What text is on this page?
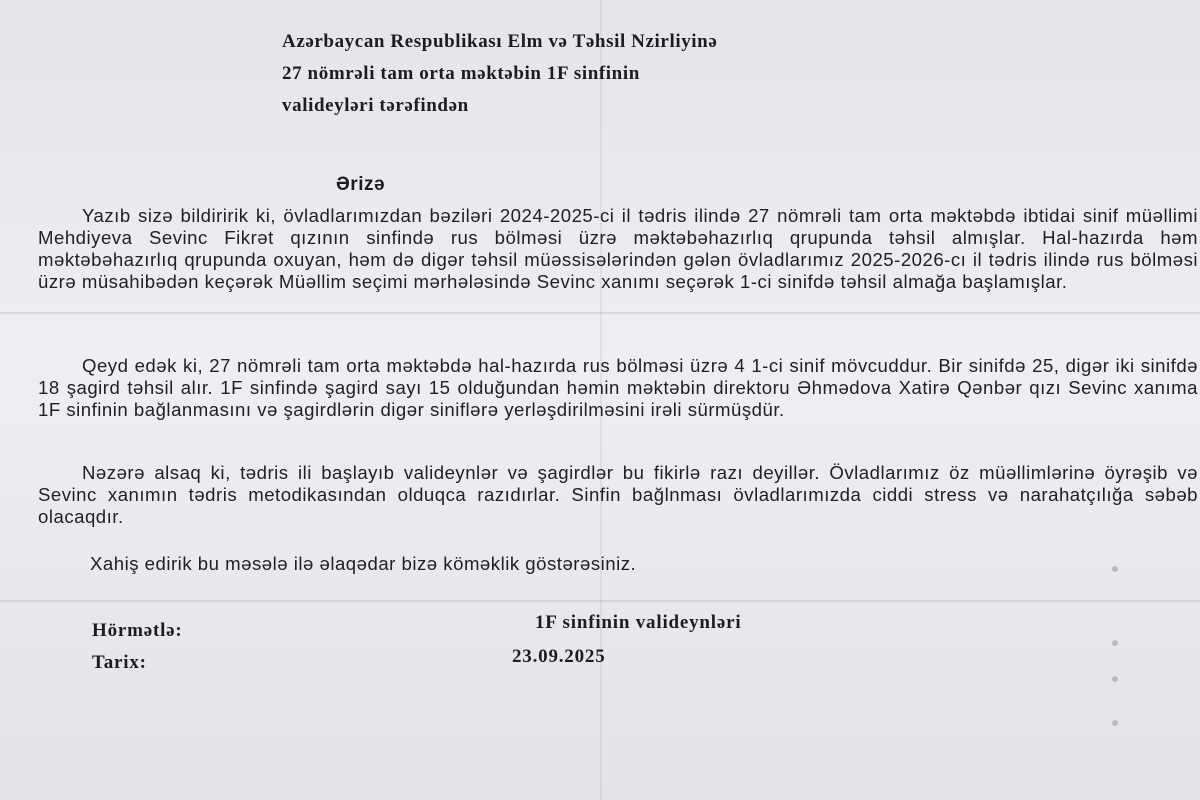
Azərbaycan Respublikası Elm və Təhsil Nzirliyinə
27 nömrəli tam orta məktəbin 1F sinfinin
valideyləri tərəfindən
Ərizə
Yazıb sizə bildiririk ki, övladlarımızdan bəziləri 2024-2025-ci il tədris ilində 27 nömrəli tam orta məktəbdə ibtidai sinif müəllimi Mehdiyeva Sevinc Fikrət qızının sinfində rus bölməsi üzrə məktəbəhazırlıq qrupunda təhsil almışlar. Hal-hazırda həm məktəbəhazırlıq qrupunda oxuyan, həm də digər təhsil müəssisələrindən gələn övladlarımız 2025-2026-cı il tədris ilində rus bölməsi üzrə müsahibədən keçərək Müəllim seçimi mərhələsində Sevinc xanımı seçərək 1-ci sinifdə təhsil almağa başlamışlar.
Qeyd edək ki, 27 nömrəli tam orta məktəbdə hal-hazırda rus bölməsi üzrə 4 1-ci sinif mövcuddur. Bir sinifdə 25, digər iki sinifdə 18 şagird təhsil alır. 1F sinfində şagird sayı 15 olduğundan həmin məktəbin direktoru Əhmədova Xatirə Qənbər qızı Sevinc xanıma 1F sinfinin bağlanmasını və şagirdlərin digər siniflərə yerləşdirilməsini irəli sürmüşdür.
Nəzərə alsaq ki, tədris ili başlayıb valideynlər və şagirdlər bu fikirlə razı deyillər. Övladlarımız öz müəllimlərinə öyrəşib və Sevinc xanımın tədris metodikasından olduqca razıdırlar. Sinfin bağlnması övladlarımızda ciddi stress və narahatçılığa səbəb olacaqdır.
Xahiş edirik bu məsələ ilə əlaqədar bizə köməklik göstərəsiniz.
Hörmətlə:
Tarix:
1F sinfinin valideynləri
23.09.2025
